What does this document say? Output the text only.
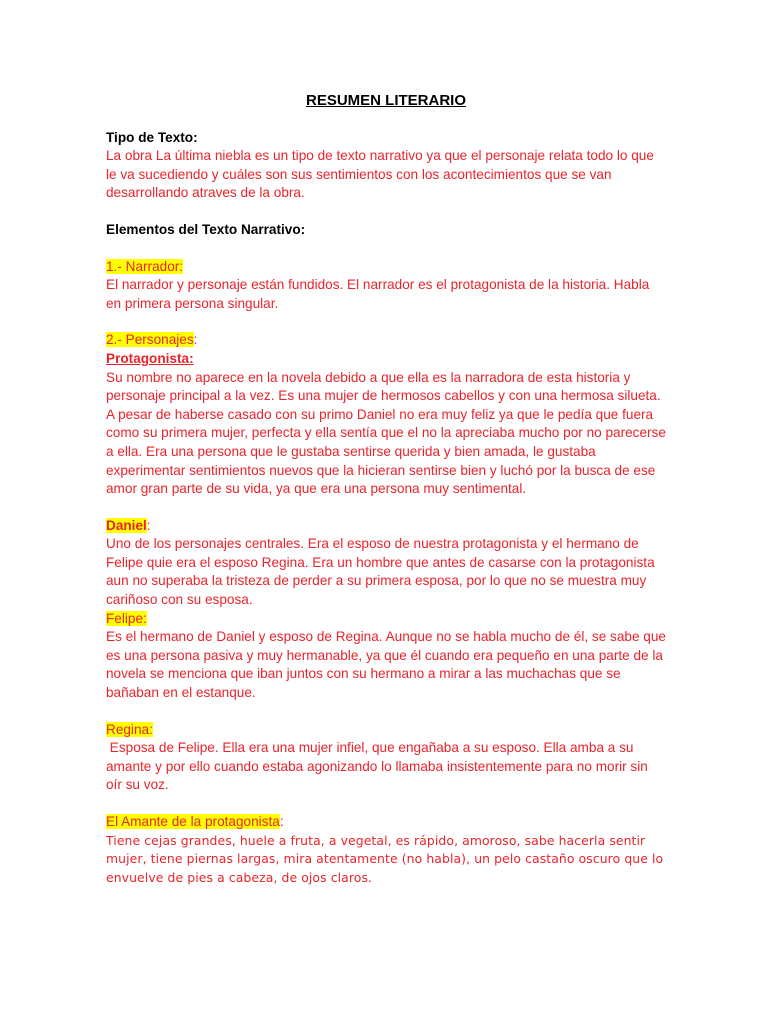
RESUMEN LITERARIO

Tipo de Texto:

La obra La última niebla es un tipo de texto narrativo ya que el personaje relata todo lo que le va sucediendo y cuáles son sus sentimientos con los acontecimientos que se van desarrollando atraves de la obra.

Elementos del Texto Narrativo:

1.- Narrador:

El narrador y personaje están fundidos. El narrador es el protagonista de la historia. Habla en primera persona singular.

2.- Personajes:

Protagonista:

Su nombre no aparece en la novela debido a que ella es la narradora de esta historia y personaje principal a la vez. Es una mujer de hermosos cabellos y con una hermosa silueta. A pesar de haberse casado con su primo Daniel no era muy feliz ya que le pedía que fuera como su primera mujer, perfecta y ella sentía que el no la apreciaba mucho por no parecerse a ella. Era una persona que le gustaba sentirse querida y bien amada, le gustaba experimentar sentimientos nuevos que la hicieran sentirse bien y luchó por la busca de ese amor gran parte de su vida, ya que era una persona muy sentimental.

Daniel:

Uno de los personajes centrales. Era el esposo de nuestra protagonista y el hermano de Felipe quie era el esposo Regina. Era un hombre que antes de casarse con la protagonista aun no superaba la tristeza de perder a su primera esposa, por lo que no se muestra muy cariñoso con su esposa.

Felipe:

Es el hermano de Daniel y esposo de Regina. Aunque no se habla mucho de él, se sabe que es una persona pasiva y muy hermanable, ya que él cuando era pequeño en una parte de la novela se menciona que iban juntos con su hermano a mirar a las muchachas que se bañaban en el estanque.

Regina:

Esposa de Felipe. Ella era una mujer infiel, que engañaba a su esposo. Ella amba a su amante y por ello cuando estaba agonizando lo llamaba insistentemente para no morir sin oír su voz.

El Amante de la protagonista:

Tiene cejas grandes, huele a fruta, a vegetal, es rápido, amoroso, sabe hacerla sentir mujer, tiene piernas largas, mira atentamente (no habla), un pelo castaño oscuro que lo envuelve de pies a cabeza, de ojos claros.
